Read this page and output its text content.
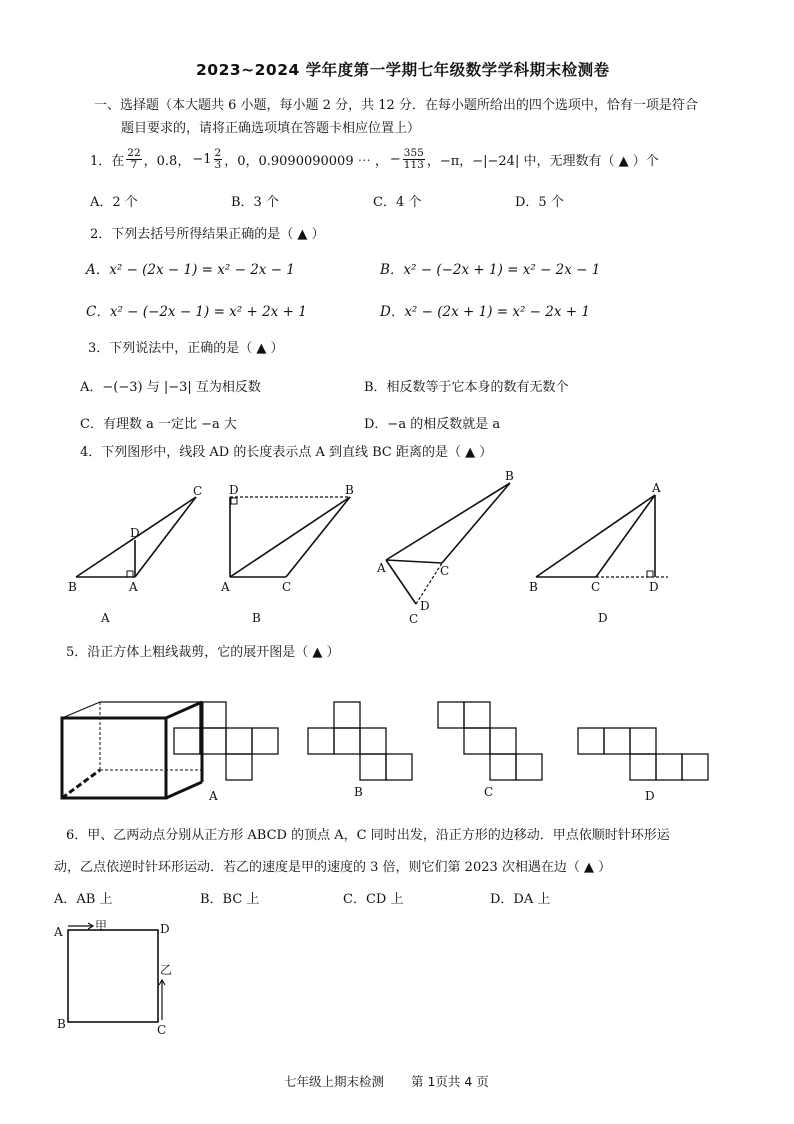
2023~2024 学年度第一学期七年级数学学科期末检测卷
一、选择题（本大题共 6 小题，每小题 2 分，共 12 分．在每小题所给出的四个选项中，恰有一项是符合
题目要求的，请将正确选项填在答题卡相应位置上）
1．在 $\frac{22}{7}$ ，0.8̇， $-1 \frac{2}{3}$ ，0，0.9090090009 ⋯ ， − $\frac{355}{113}$ ，−π，−|−24| 中，无理数有（ ▲ ）个
A．2 个	B．3 个	C．4 个	D．5 个
2．下列去括号所得结果正确的是（ ▲ ）
A．x² − (2x − 1) = x² − 2x − 1	B．x² − (−2x + 1) = x² − 2x − 1
C．x² − (−2x − 1) = x² + 2x + 1	D．x² − (2x + 1) = x² − 2x + 1
3．下列说法中，正确的是（ ▲ ）
A．−(−3) 与 |−3| 互为相反数	B．相反数等于它本身的数有无数个
C．有理数 a 一定比 −a 大	D．−a 的相反数就是 a
4．下列图形中，线段 AD 的长度表示点 A 到直线 BC 距离的是（ ▲ ）
B	A
D
C
A
D	B
A	C
B
B
A	C
D
C
A
B	C	D
D
5．沿正方体上粗线裁剪，它的展开图是（ ▲ ）
A	B	C	D
6．甲、乙两动点分别从正方形 ABCD 的顶点 A，C 同时出发，沿正方形的边移动．甲点依顺时针环形运
动，乙点依逆时针环形运动．若乙的速度是甲的速度的 3 倍，则它们第 2023 次相遇在边（ ▲ ）
A．AB 上	B．BC 上	C．CD 上	D．DA 上
A	D
B	C
甲
乙
七年级上期末检测 第 1页共 4 页
